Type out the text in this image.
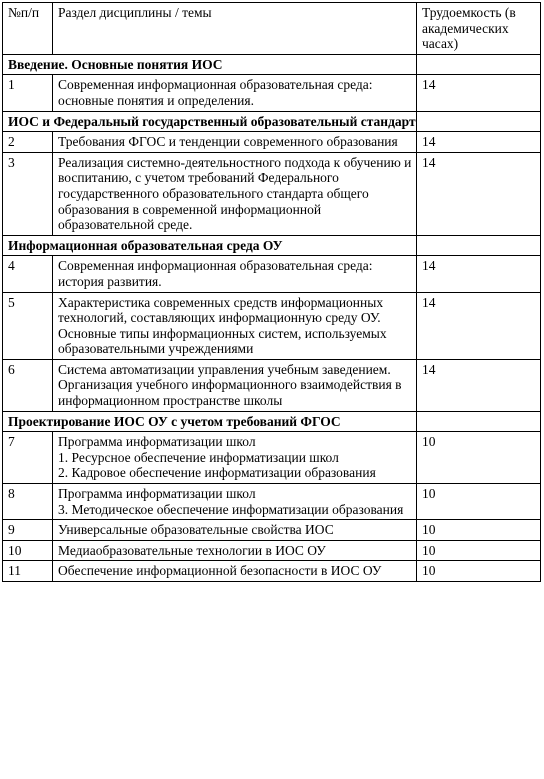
№п/п	Раздел дисциплины / темы	Трудоемкость (в академических часах)

Введение. Основные понятия ИОС		
1	Современная информационная образовательная среда: основные понятия и определения.	14
ИОС и Федеральный государственный образовательный стандарт		
2	Требования ФГОС и тенденции современного образования	14
3	Реализация системно-деятельностного подхода к обучению и воспитанию, с учетом требований Федерального государственного образовательного стандарта общего образования в современной информационной образовательной среде.	14
Информационная образовательная среда ОУ		
4	Современная информационная образовательная среда: история развития.	14
5	Характеристика современных средств информационных технологий, составляющих информационную среду ОУ. Основные типы информационных систем, используемых образовательными учреждениями	14
6	Система автоматизации управления учебным заведением. Организация учебного информационного взаимодействия в информационном пространстве школы	14
Проектирование ИОС ОУ с учетом требований ФГОС		
7	Программа информатизации школ
1. Ресурсное обеспечение информатизации школ
2. Кадровое обеспечение информатизации образования	10
8	Программа информатизации школ
3. Методическое обеспечение информатизации образования	10
9	Универсальные образовательные свойства ИОС	10
10	Медиаобразовательные технологии в ИОС ОУ	10
11	Обеспечение информационной безопасности в ИОС ОУ	10
